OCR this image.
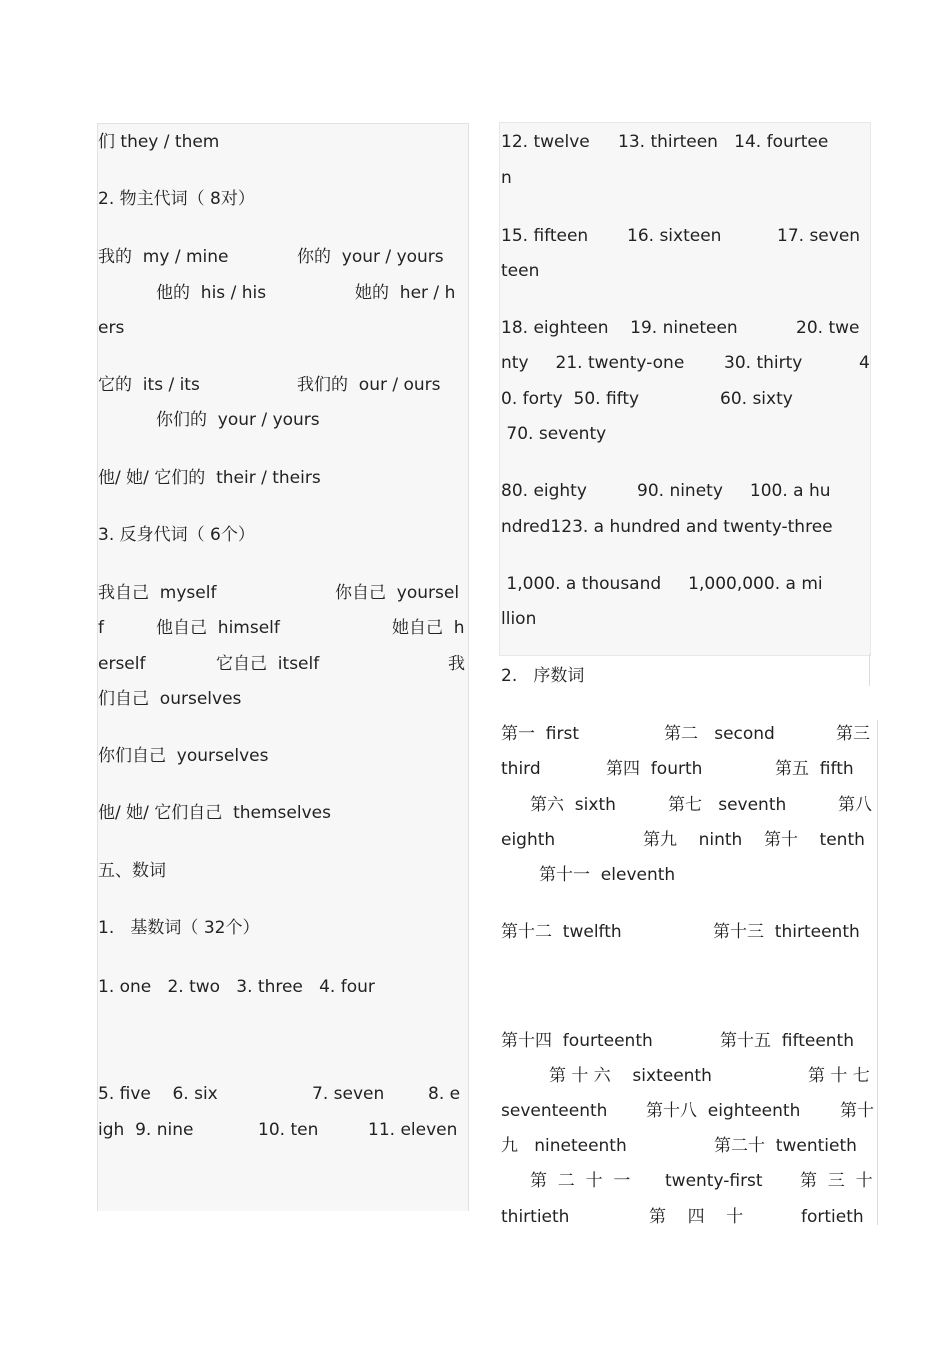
们 they / them
2. 物主代词（ 8对）
我的  my / mine	你的  your / yours
他的  his / his	她的  her / h
ers
它的  its / its	我们的  our / ours
你们的  your / yours
他/ 她/ 它们的  their / theirs
3. 反身代词（ 6个）
我自己  myself	你自己  yoursel
f	他自己  himself	她自己  h
erself	它自己  itself	我
们自己  ourselves
你们自己  yourselves
他/ 她/ 它们自己  themselves
五、数词
1.   基数词（ 32个）
1. one   2. two   3. three   4. four
5. five    6. six	7. seven	8. e
igh  9. nine	10. ten	11. eleven
12. twelve 13. thirteen   14. fourtee
n
15. fifteen 16. sixteen	17. seven
teen
18. eighteen    19. nineteen	20. twe
nty     21. twenty-one 30. thirty	4
0. forty  50. fifty	60. sixty
70. seventy
80. eighty	90. ninety     100. a hu
ndred123. a hundred and twenty-three
1,000. a thousand     1,000,000. a mi
llion
2.   序数词
第一  first	第二   second	第三
third	第四  fourth	第五  fifth
第六  sixth	第七   seventh	第八
eighth	第九    ninth    第十    tenth
第十一  eleventh
第十二  twelfth	第十三  thirteenth
第十四  fourteenth	第十五  fifteenth
第 十 六    sixteenth	第 十 七
seventeenth 第十八  eighteenth 第十
九   nineteenth	第二十  twentieth
第  二  十  一 twenty-first 第  三  十
thirtieth	第    四    十	fortieth
